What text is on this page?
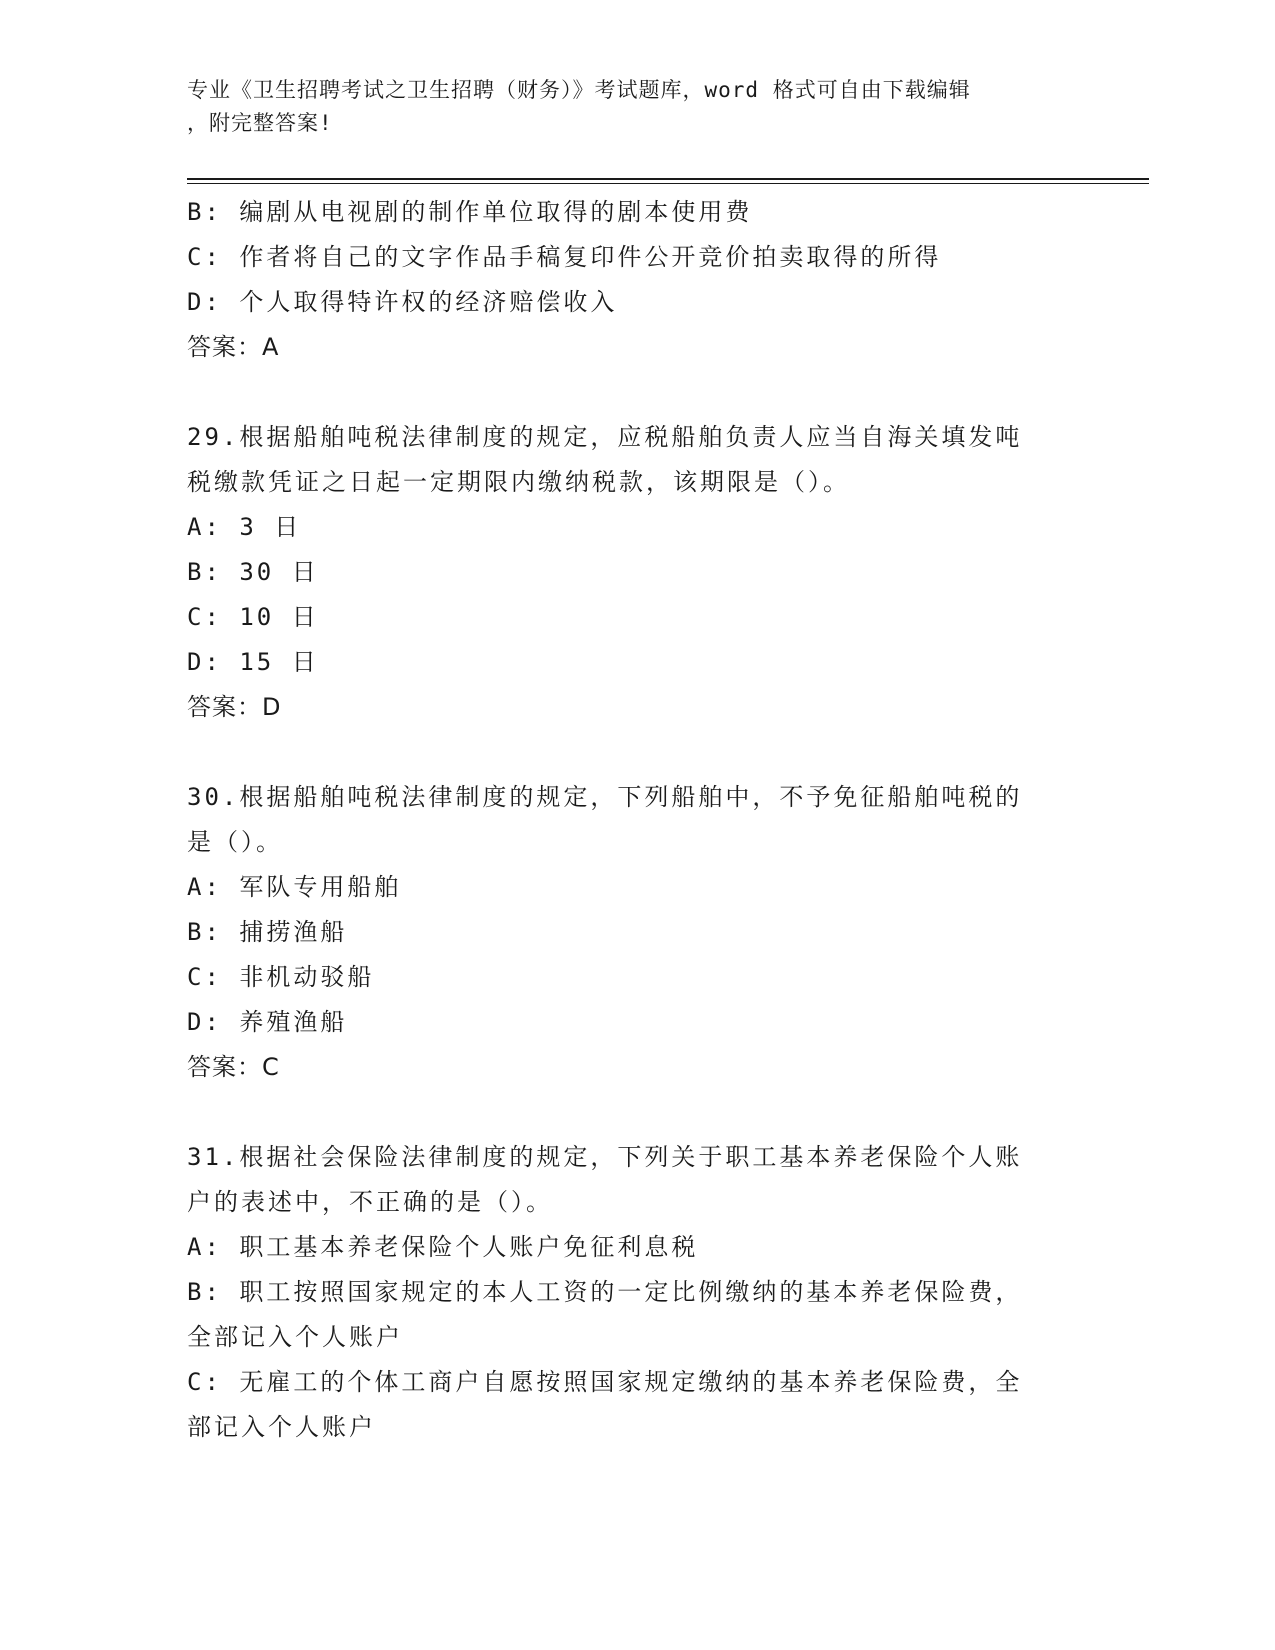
专业《卫生招聘考试之卫生招聘（财务）》考试题库，word 格式可自由下载编辑
，附完整答案!
B: 编剧从电视剧的制作单位取得的剧本使用费
C: 作者将自己的文字作品手稿复印件公开竞价拍卖取得的所得
D: 个人取得特许权的经济赔偿收入
答案：A
29.根据船舶吨税法律制度的规定，应税船舶负责人应当自海关填发吨
税缴款凭证之日起一定期限内缴纳税款，该期限是（）。
A: 3 日
B: 30 日
C: 10 日
D: 15 日
答案：D
30.根据船舶吨税法律制度的规定，下列船舶中，不予免征船舶吨税的
是（）。
A: 军队专用船舶
B: 捕捞渔船
C: 非机动驳船
D: 养殖渔船
答案：C
31.根据社会保险法律制度的规定，下列关于职工基本养老保险个人账
户的表述中，不正确的是（）。
A: 职工基本养老保险个人账户免征利息税
B: 职工按照国家规定的本人工资的一定比例缴纳的基本养老保险费，
全部记入个人账户
C: 无雇工的个体工商户自愿按照国家规定缴纳的基本养老保险费，全
部记入个人账户
